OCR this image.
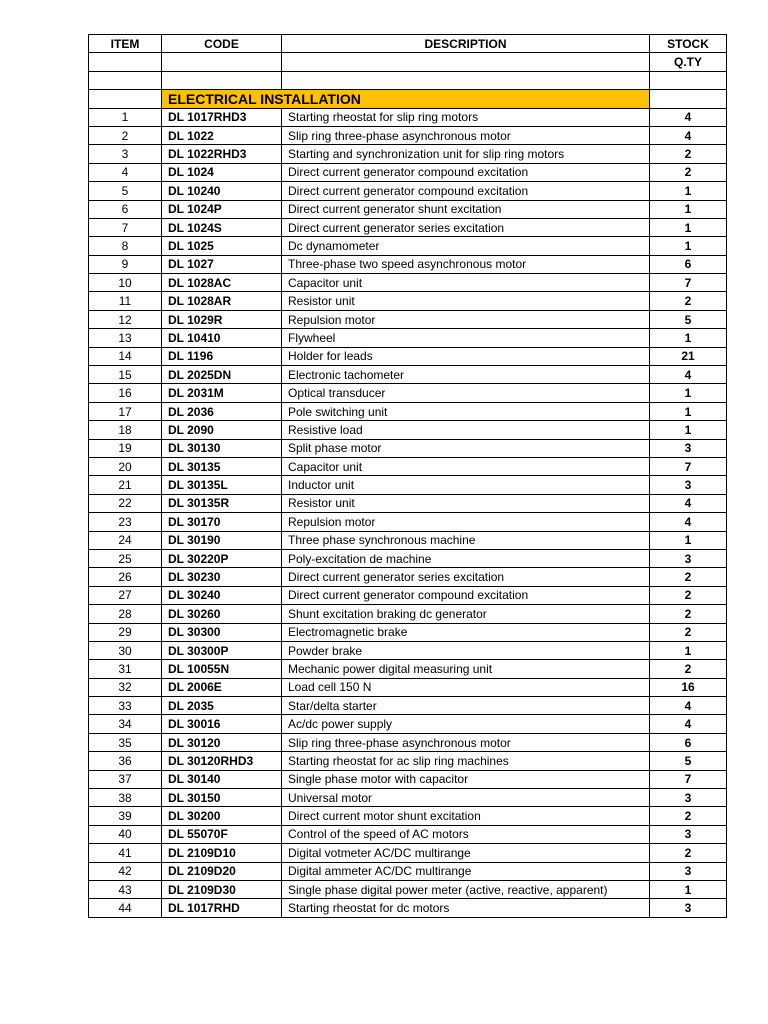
ITEM	CODE	DESCRIPTION	STOCK
			Q.TY

	ELECTRICAL INSTALLATION		
1	DL 1017RHD3	Starting rheostat for slip ring motors	4
2	DL 1022	Slip ring three-phase asynchronous motor	4
3	DL 1022RHD3	Starting and synchronization unit for slip ring motors	2
4	DL 1024	Direct current generator compound excitation	2
5	DL 10240	Direct current generator compound excitation	1
6	DL 1024P	Direct current generator shunt excitation	1
7	DL 1024S	Direct current generator series excitation	1
8	DL 1025	Dc dynamometer	1
9	DL 1027	Three-phase two speed asynchronous motor	6
10	DL 1028AC	Capacitor unit	7
11	DL 1028AR	Resistor unit	2
12	DL 1029R	Repulsion motor	5
13	DL 10410	Flywheel	1
14	DL 1196	Holder for leads	21
15	DL 2025DN	Electronic tachometer	4
16	DL 2031M	Optical transducer	1
17	DL 2036	Pole switching unit	1
18	DL 2090	Resistive load	1
19	DL 30130	Split phase motor	3
20	DL 30135	Capacitor unit	7
21	DL 30135L	Inductor unit	3
22	DL 30135R	Resistor unit	4
23	DL 30170	Repulsion motor	4
24	DL 30190	Three phase synchronous machine	1
25	DL 30220P	Poly-excitation de machine	3
26	DL 30230	Direct current generator series excitation	2
27	DL 30240	Direct current generator compound excitation	2
28	DL 30260	Shunt excitation braking dc generator	2
29	DL 30300	Electromagnetic brake	2
30	DL 30300P	Powder brake	1
31	DL 10055N	Mechanic power digital measuring unit	2
32	DL 2006E	Load cell 150 N	16
33	DL 2035	Star/delta starter	4
34	DL 30016	Ac/dc power supply	4
35	DL 30120	Slip ring three-phase asynchronous motor	6
36	DL 30120RHD3	Starting rheostat for ac slip ring machines	5
37	DL 30140	Single phase motor with capacitor	7
38	DL 30150	Universal motor	3
39	DL 30200	Direct current motor shunt excitation	2
40	DL 55070F	Control of the speed of AC motors	3
41	DL 2109D10	Digital votmeter AC/DC multirange	2
42	DL 2109D20	Digital ammeter AC/DC multirange	3
43	DL 2109D30	Single phase digital power meter (active, reactive, apparent)	1
44	DL 1017RHD	Starting rheostat for dc motors	3
